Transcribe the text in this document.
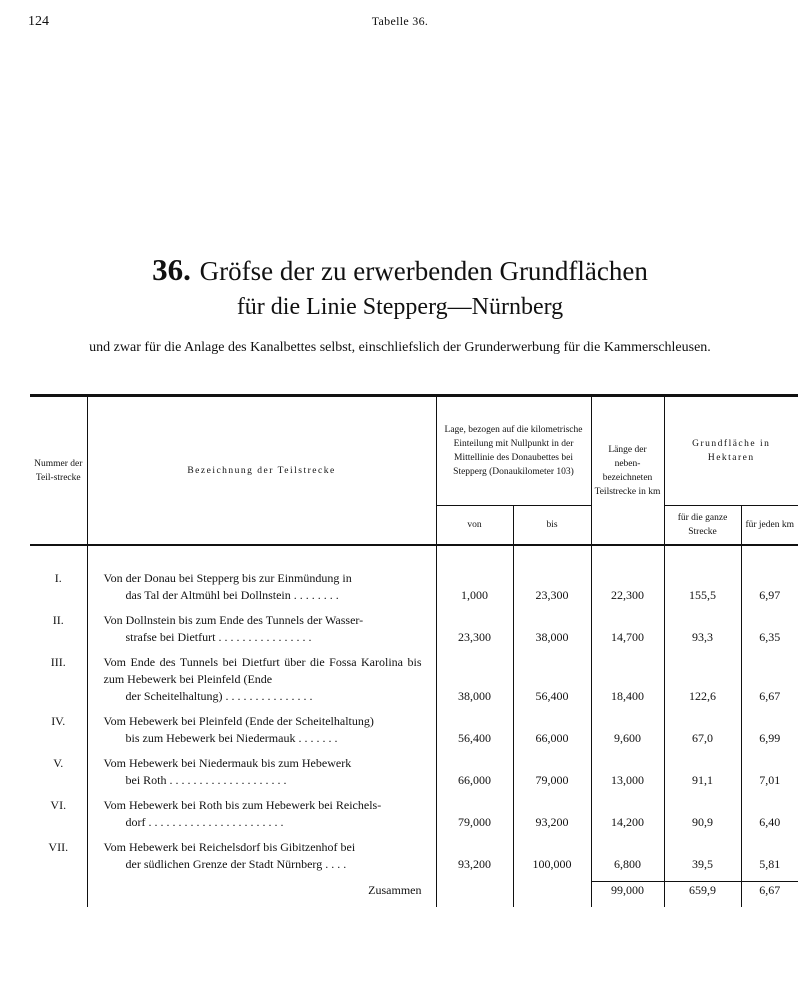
124	Tabelle 36.
36. Gröfse der zu erwerbenden Grundflächen
für die Linie Stepperg—Nürnberg
und zwar für die Anlage des Kanalbettes selbst, einschliefslich der Grunderwerbung für die Kammerschleusen.
Nummer der Teil-strecke	Bezeichnung der Teilstrecke	Lage, bezogen auf die kilometrische Einteilung mit Nullpunkt in der Mittellinie des Donaubettes bei Stepperg (Donaukilometer 103)		Länge der neben-bezeichneten Teilstrecke in km	Grundfläche in Hektaren	
		von	bis		für die ganze Strecke	für jeden km
I.	Von der Donau bei Stepperg bis zur Einmündung in
das Tal der Altmühl bei Dollnstein . . . . . . . .	1,000	23,300	22,300	155,5	6,97
II.	Von Dollnstein bis zum Ende des Tunnels der Wasser-
strafse bei Dietfurt . . . . . . . . . . . . . . . .	23,300	38,000	14,700	93,3	6,35
III.	Vom Ende des Tunnels bei Dietfurt über die Fossa Karolina bis zum Hebewerk bei Pleinfeld (Ende
der Scheitelhaltung) . . . . . . . . . . . . . . .	38,000	56,400	18,400	122,6	6,67
IV.	Vom Hebewerk bei Pleinfeld (Ende der Scheitelhaltung)
bis zum Hebewerk bei Niedermauk . . . . . . .	56,400	66,000	9,600	67,0	6,99
V.	Vom Hebewerk bei Niedermauk bis zum Hebewerk
bei Roth . . . . . . . . . . . . . . . . . . . .	66,000	79,000	13,000	91,1	7,01
VI.	Vom Hebewerk bei Roth bis zum Hebewerk bei Reichels-
dorf . . . . . . . . . . . . . . . . . . . . . . .	79,000	93,200	14,200	90,9	6,40
VII.	Vom Hebewerk bei Reichelsdorf bis Gibitzenhof bei
der südlichen Grenze der Stadt Nürnberg . . . .	93,200	100,000	6,800	39,5	5,81
	Zusammen			99,000	659,9	6,67
